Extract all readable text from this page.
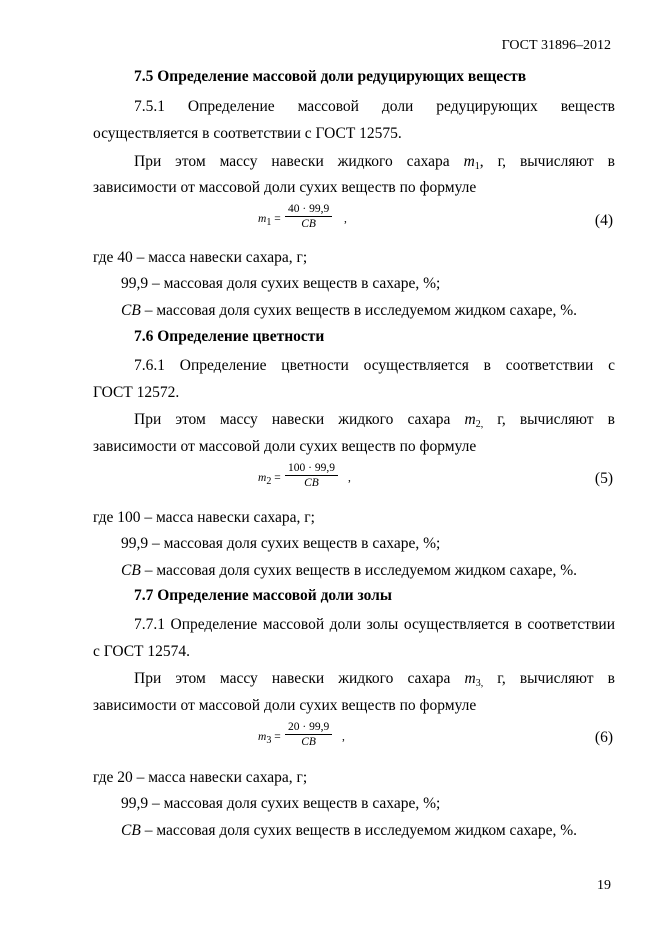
ГОСТ 31896–2012
7.5 Определение массовой доли редуцирующих веществ
7.5.1 Определение массовой доли редуцирующих веществ
осуществляется в соответствии с ГОСТ 12575.
При этом массу навески жидкого сахара $m_1$, г, вычисляют в
зависимости от массовой доли сухих веществ по формуле
m1 =
40 · 99,9
СВ	,	(4)
где 40 – масса навески сахара, г;
99,9 – массовая доля сухих веществ в сахаре, %;
СВ – массовая доля сухих веществ в исследуемом жидком сахаре, %.
7.6 Определение цветности
7.6.1 Определение цветности осуществляется в соответствии с
ГОСТ 12572.
При этом массу навески жидкого сахара $m_{2,}$ г, вычисляют в
зависимости от массовой доли сухих веществ по формуле
m2 =
100 · 99,9
СВ	,	(5)
где 100 – масса навески сахара, г;
99,9 – массовая доля сухих веществ в сахаре, %;
СВ – массовая доля сухих веществ в исследуемом жидком сахаре, %.
7.7 Определение массовой доли золы
7.7.1 Определение массовой доли золы осуществляется в соответствии
с ГОСТ 12574.
При этом массу навески жидкого сахара $m_{3,}$ г, вычисляют в
зависимости от массовой доли сухих веществ по формуле
m3 =
20 · 99,9
СВ	,	(6)
где 20 – масса навески сахара, г;
99,9 – массовая доля сухих веществ в сахаре, %;
СВ – массовая доля сухих веществ в исследуемом жидком сахаре, %.
19
